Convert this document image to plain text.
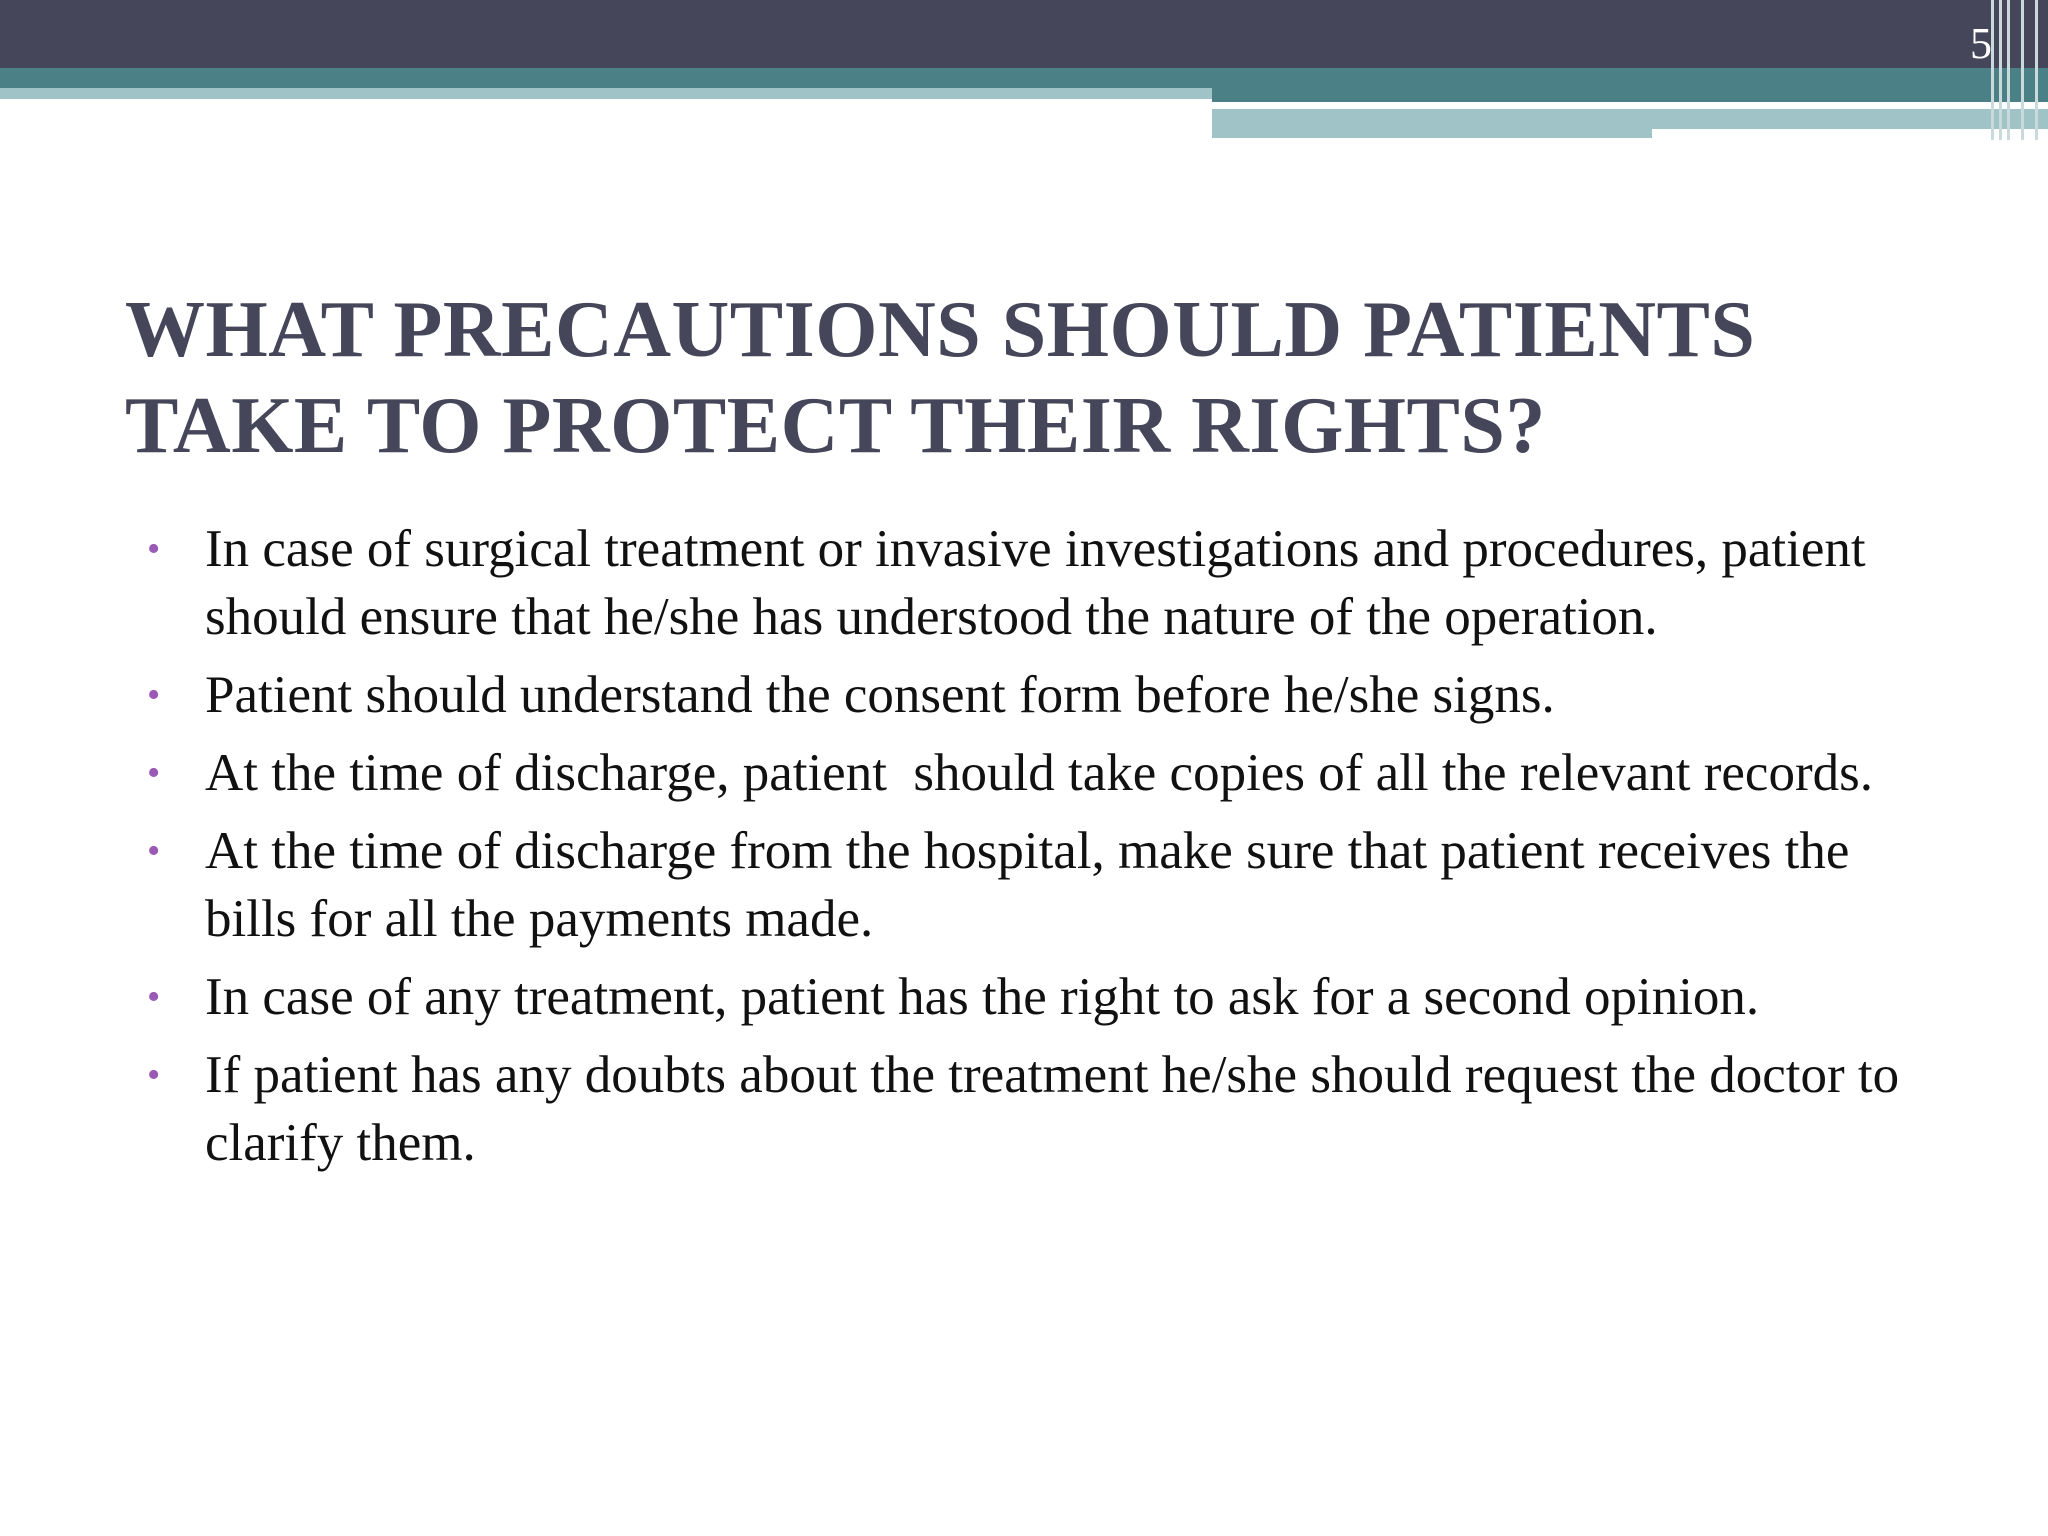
5
WHAT PRECAUTIONS SHOULD PATIENTS
TAKE TO PROTECT THEIR RIGHTS?
• In case of surgical treatment or invasive investigations and procedures, patient should ensure that he/she has understood the nature of the operation.
• Patient should understand the consent form before he/she signs.
• At the time of discharge, patient  should take copies of all the relevant records.
• At the time of discharge from the hospital, make sure that patient receives the bills for all the payments made.
• In case of any treatment, patient has the right to ask for a second opinion.
• If patient has any doubts about the treatment he/she should request the doctor to clarify them.
